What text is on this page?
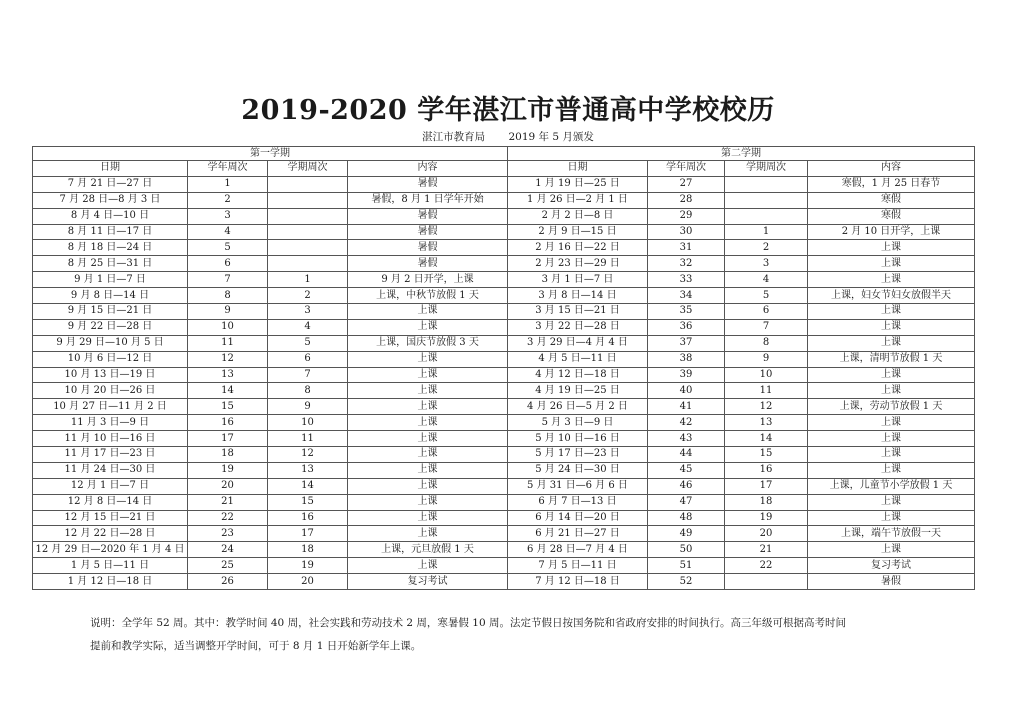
2019-2020 学年湛江市普通高中学校校历
湛江市教育局 2019 年 5 月颁发
第一学期				第二学期			
日期	学年周次	学期周次	内容	日期	学年周次	学期周次	内容
7 月 21 日—27 日	1		暑假	1 月 19 日—25 日	27		寒假，1 月 25 日春节
7 月 28 日—8 月 3 日	2		暑假，8 月 1 日学年开始	1 月 26 日—2 月 1 日	28		寒假
8 月 4 日—10 日	3		暑假	2 月 2 日—8 日	29		寒假
8 月 11 日—17 日	4		暑假	2 月 9 日—15 日	30	1	2 月 10 日开学，上课
8 月 18 日—24 日	5		暑假	2 月 16 日—22 日	31	2	上课
8 月 25 日—31 日	6		暑假	2 月 23 日—29 日	32	3	上课
9 月 1 日—7 日	7	1	9 月 2 日开学，上课	3 月 1 日—7 日	33	4	上课
9 月 8 日—14 日	8	2	上课，中秋节放假 1 天	3 月 8 日—14 日	34	5	上课，妇女节妇女放假半天
9 月 15 日—21 日	9	3	上课	3 月 15 日—21 日	35	6	上课
9 月 22 日—28 日	10	4	上课	3 月 22 日—28 日	36	7	上课
9 月 29 日—10 月 5 日	11	5	上课，国庆节放假 3 天	3 月 29 日—4 月 4 日	37	8	上课
10 月 6 日—12 日	12	6	上课	4 月 5 日—11 日	38	9	上课，清明节放假 1 天
10 月 13 日—19 日	13	7	上课	4 月 12 日—18 日	39	10	上课
10 月 20 日—26 日	14	8	上课	4 月 19 日—25 日	40	11	上课
10 月 27 日—11 月 2 日	15	9	上课	4 月 26 日—5 月 2 日	41	12	上课，劳动节放假 1 天
11 月 3 日—9 日	16	10	上课	5 月 3 日—9 日	42	13	上课
11 月 10 日—16 日	17	11	上课	5 月 10 日—16 日	43	14	上课
11 月 17 日—23 日	18	12	上课	5 月 17 日—23 日	44	15	上课
11 月 24 日—30 日	19	13	上课	5 月 24 日—30 日	45	16	上课
12 月 1 日—7 日	20	14	上课	5 月 31 日—6 月 6 日	46	17	上课，儿童节小学放假 1 天
12 月 8 日—14 日	21	15	上课	6 月 7 日—13 日	47	18	上课
12 月 15 日—21 日	22	16	上课	6 月 14 日—20 日	48	19	上课
12 月 22 日—28 日	23	17	上课	6 月 21 日—27 日	49	20	上课，端午节放假一天
12 月 29 日—2020 年 1 月 4 日	24	18	上课，元旦放假 1 天	6 月 28 日—7 月 4 日	50	21	上课
1 月 5 日—11 日	25	19	上课	7 月 5 日—11 日	51	22	复习考试
1 月 12 日—18 日	26	20	复习考试	7 月 12 日—18 日	52		暑假
说明：全学年 52 周。其中：教学时间 40 周，社会实践和劳动技术 2 周，寒暑假 10 周。法定节假日按国务院和省政府安排的时间执行。高三年级可根据高考时间
提前和教学实际，适当调整开学时间，可于 8 月 1 日开始新学年上课。
